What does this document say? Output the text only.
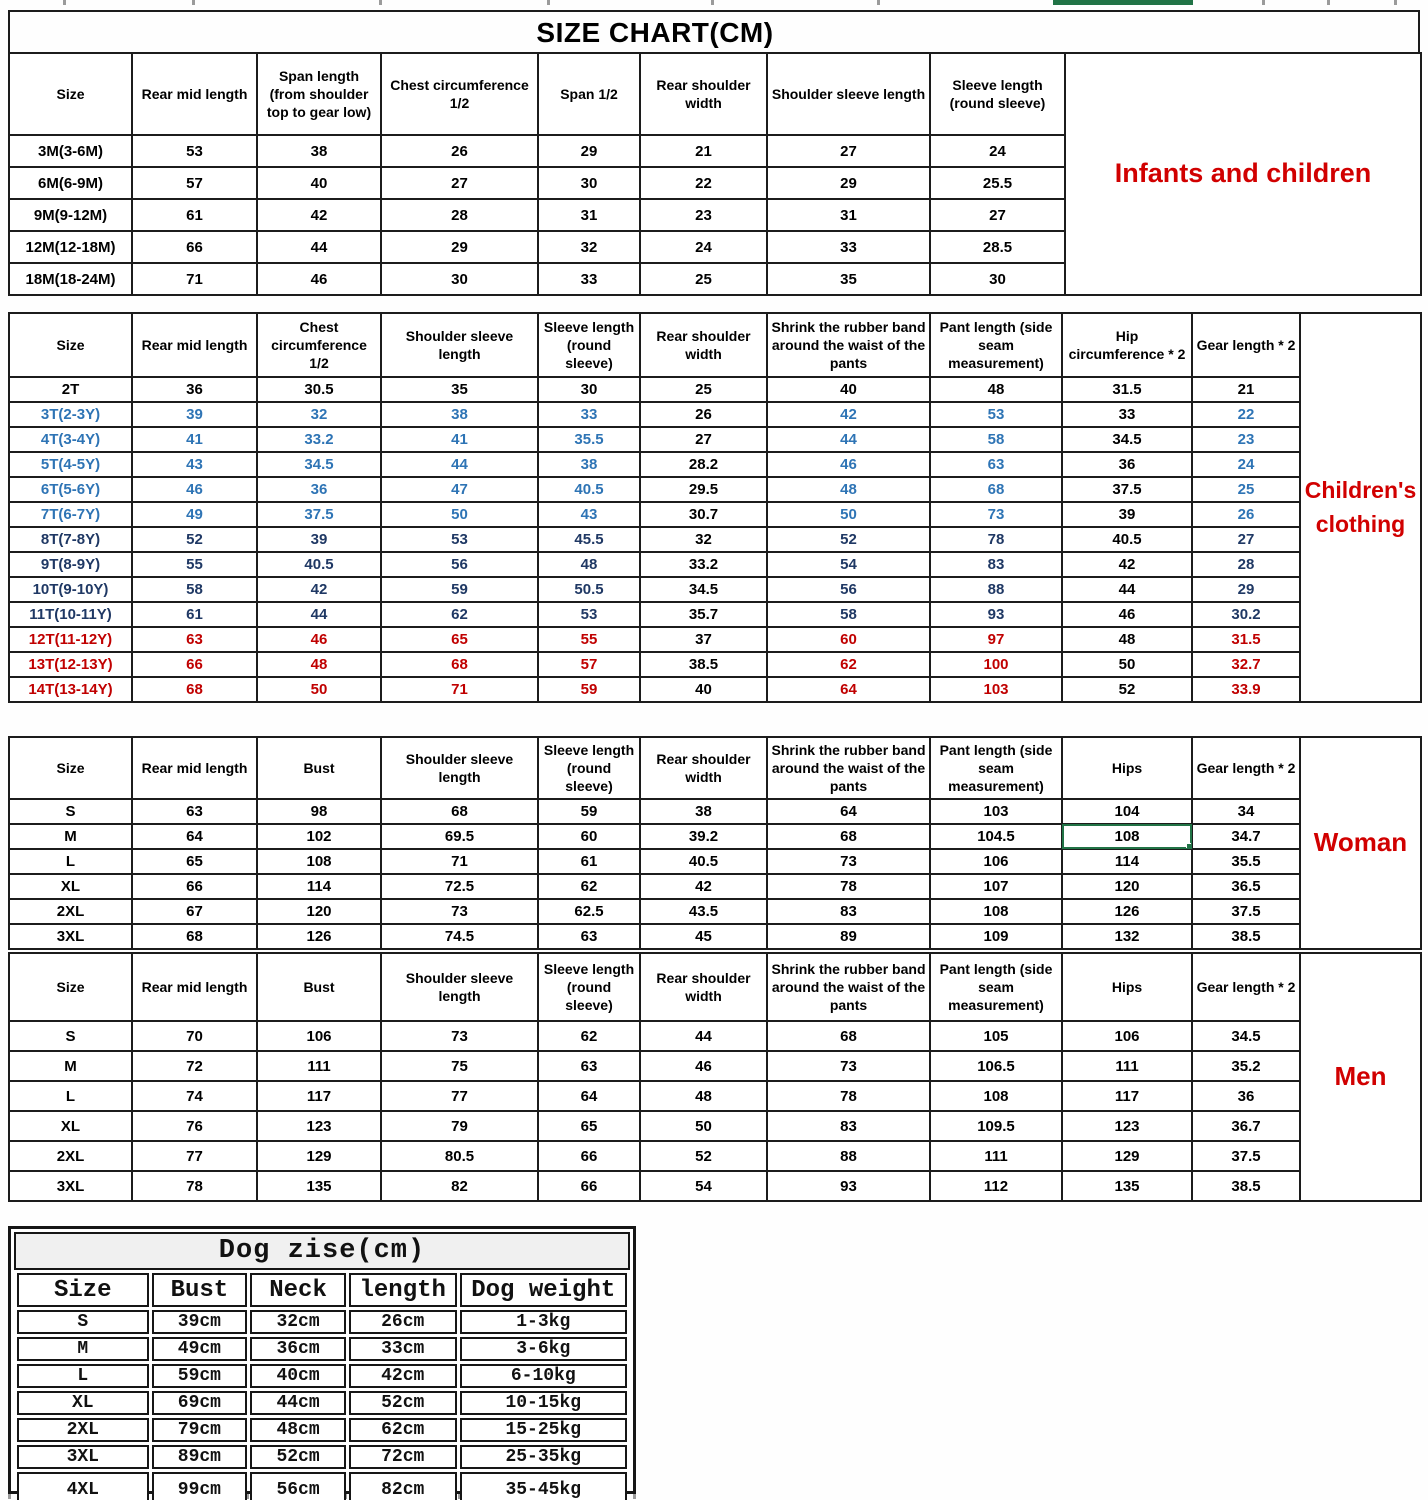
SIZE CHART(CM)
Size	Rear mid length	Span length (from shoulder top to gear low)	Chest circumference 1/2	Span 1/2	Rear shoulder width	Shoulder sleeve length	Sleeve length (round sleeve)
3M(3-6M)	53	38	26	29	21	27	24
6M(6-9M)	57	40	27	30	22	29	25.5
9M(9-12M)	61	42	28	31	23	31	27
12M(12-18M)	66	44	29	32	24	33	28.5
18M(18-24M)	71	46	30	33	25	35	30
Infants and children
Size	Rear mid length	Chest circumference 1/2	Shoulder sleeve length	Sleeve length (round sleeve)	Rear shoulder width	Shrink the rubber band around the waist of the pants	Pant length (side seam measurement)	Hip circumference * 2	Gear length * 2
2T	36	30.5	35	30	25	40	48	31.5	21
3T(2-3Y)	39	32	38	33	26	42	53	33	22
4T(3-4Y)	41	33.2	41	35.5	27	44	58	34.5	23
5T(4-5Y)	43	34.5	44	38	28.2	46	63	36	24
6T(5-6Y)	46	36	47	40.5	29.5	48	68	37.5	25
7T(6-7Y)	49	37.5	50	43	30.7	50	73	39	26
8T(7-8Y)	52	39	53	45.5	32	52	78	40.5	27
9T(8-9Y)	55	40.5	56	48	33.2	54	83	42	28
10T(9-10Y)	58	42	59	50.5	34.5	56	88	44	29
11T(10-11Y)	61	44	62	53	35.7	58	93	46	30.2
12T(11-12Y)	63	46	65	55	37	60	97	48	31.5
13T(12-13Y)	66	48	68	57	38.5	62	100	50	32.7
14T(13-14Y)	68	50	71	59	40	64	103	52	33.9
Children's clothing
Size	Rear mid length	Bust	Shoulder sleeve length	Sleeve length (round sleeve)	Rear shoulder width	Shrink the rubber band around the waist of the pants	Pant length (side seam measurement)	Hips	Gear length * 2
S	63	98	68	59	38	64	103	104	34
M	64	102	69.5	60	39.2	68	104.5	108	34.7
L	65	108	71	61	40.5	73	106	114	35.5
XL	66	114	72.5	62	42	78	107	120	36.5
2XL	67	120	73	62.5	43.5	83	108	126	37.5
3XL	68	126	74.5	63	45	89	109	132	38.5
Woman
Size	Rear mid length	Bust	Shoulder sleeve length	Sleeve length (round sleeve)	Rear shoulder width	Shrink the rubber band around the waist of the pants	Pant length (side seam measurement)	Hips	Gear length * 2
S	70	106	73	62	44	68	105	106	34.5
M	72	111	75	63	46	73	106.5	111	35.2
L	74	117	77	64	48	78	108	117	36
XL	76	123	79	65	50	83	109.5	123	36.7
2XL	77	129	80.5	66	52	88	111	129	37.5
3XL	78	135	82	66	54	93	112	135	38.5
Men
Dog zise(cm)
Size	Bust	Neck	length	Dog weight
S	39cm	32cm	26cm	1-3kg
M	49cm	36cm	33cm	3-6kg
L	59cm	40cm	42cm	6-10kg
XL	69cm	44cm	52cm	10-15kg
2XL	79cm	48cm	62cm	15-25kg
3XL	89cm	52cm	72cm	25-35kg
4XL	99cm	56cm	82cm	35-45kg
